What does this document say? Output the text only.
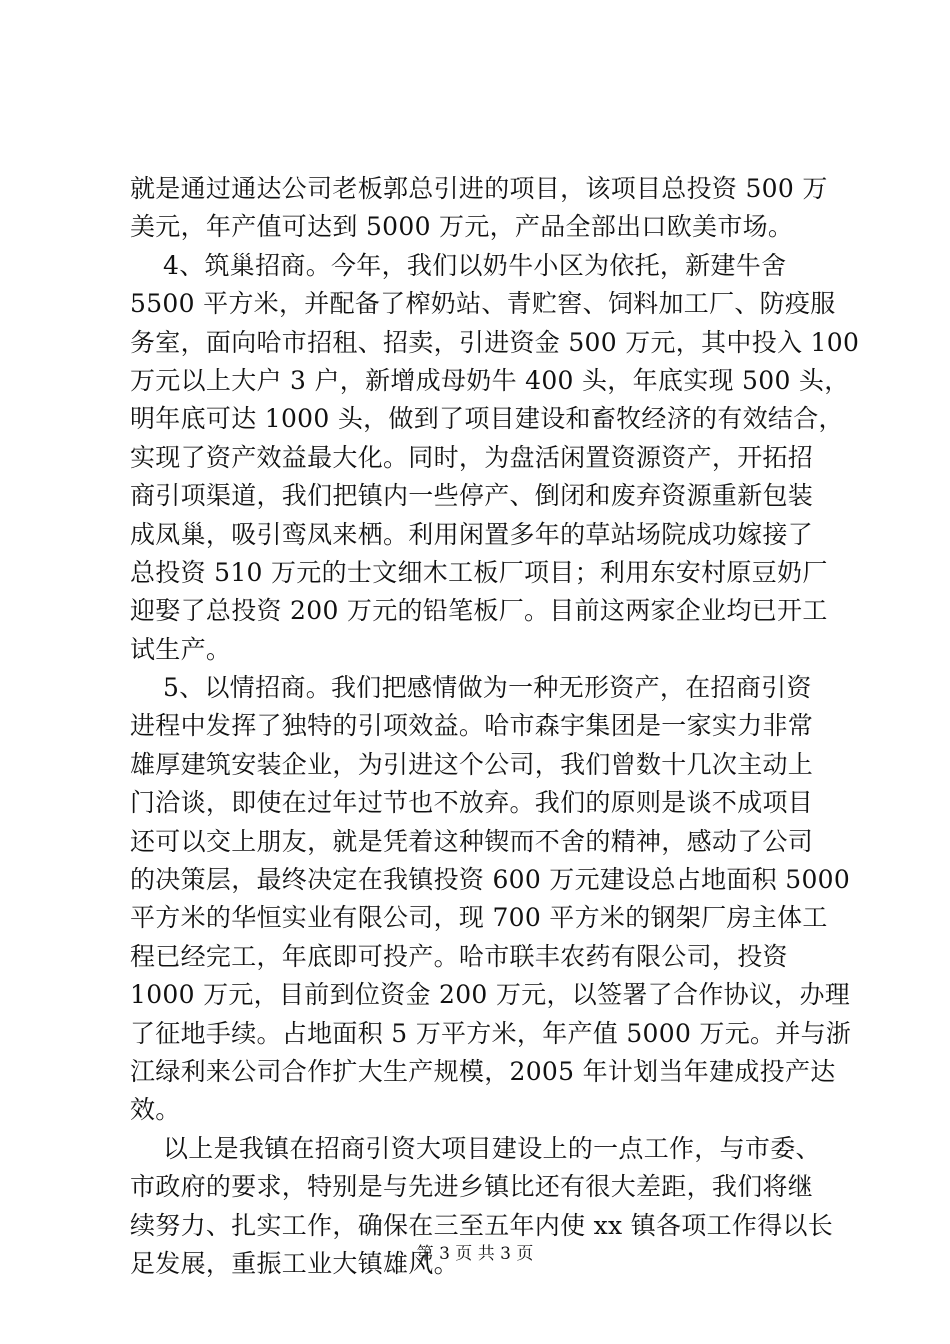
就是通过通达公司老板郭总引进的项目，该项目总投资 500 万
美元，年产值可达到 5000 万元，产品全部出口欧美市场。
4、筑巢招商。今年，我们以奶牛小区为依托，新建牛舍
5500 平方米，并配备了榨奶站、青贮窖、饲料加工厂、防疫服
务室，面向哈市招租、招卖，引进资金 500 万元，其中投入 100
万元以上大户 3 户，新增成母奶牛 400 头，年底实现 500 头，
明年底可达 1000 头，做到了项目建设和畜牧经济的有效结合，
实现了资产效益最大化。同时，为盘活闲置资源资产，开拓招
商引项渠道，我们把镇内一些停产、倒闭和废弃资源重新包装
成凤巢，吸引鸾凤来栖。利用闲置多年的草站场院成功嫁接了
总投资 510 万元的士文细木工板厂项目；利用东安村原豆奶厂
迎娶了总投资 200 万元的铅笔板厂。目前这两家企业均已开工
试生产。
5、以情招商。我们把感情做为一种无形资产，在招商引资
进程中发挥了独特的引项效益。哈市森宇集团是一家实力非常
雄厚建筑安装企业，为引进这个公司，我们曾数十几次主动上
门洽谈，即使在过年过节也不放弃。我们的原则是谈不成项目
还可以交上朋友，就是凭着这种锲而不舍的精神，感动了公司
的决策层，最终决定在我镇投资 600 万元建设总占地面积 5000
平方米的华恒实业有限公司，现 700 平方米的钢架厂房主体工
程已经完工，年底即可投产。哈市联丰农药有限公司，投资
1000 万元，目前到位资金 200 万元，以签署了合作协议，办理
了征地手续。占地面积 5 万平方米，年产值 5000 万元。并与浙
江绿利来公司合作扩大生产规模，2005 年计划当年建成投产达
效。
以上是我镇在招商引资大项目建设上的一点工作，与市委、
市政府的要求，特别是与先进乡镇比还有很大差距，我们将继
续努力、扎实工作，确保在三至五年内使 xx 镇各项工作得以长
足发展，重振工业大镇雄风。
第 3 页 共 3 页
